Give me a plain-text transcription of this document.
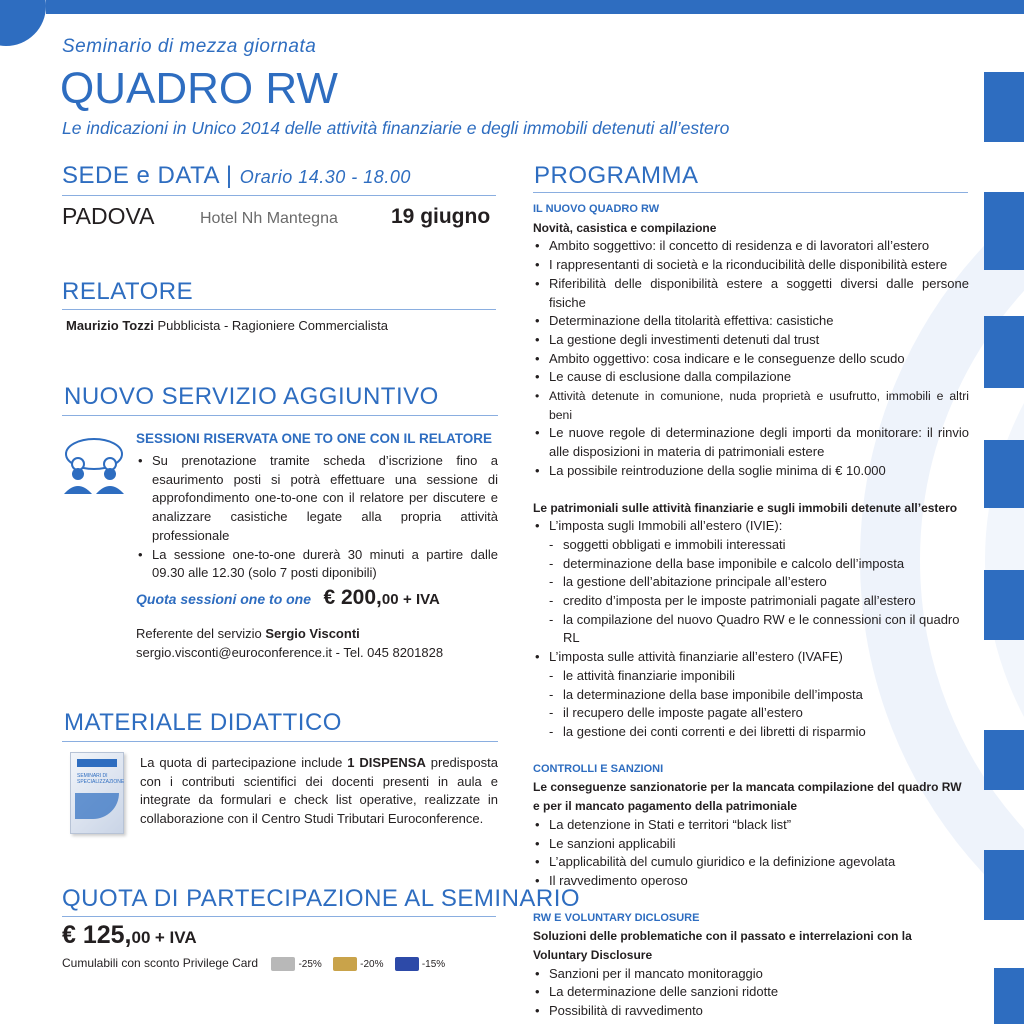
Seminario di mezza giornata
QUADRO RW
Le indicazioni in Unico 2014 delle attività finanziarie e degli immobili detenuti all’estero
SEDE e DATA | Orario 14.30 - 18.00
PADOVA	Hotel Nh Mantegna	19 giugno
RELATORE
Maurizio Tozzi Pubblicista - Ragioniere Commercialista
NUOVO SERVIZIO AGGIUNTIVO
SESSIONI RISERVATA ONE TO ONE CON IL RELATORE
• Su prenotazione tramite scheda d’iscrizione fino a esaurimento posti si potrà effettuare una sessione di approfondimento one-to-one con il relatore per discutere e analizzare casistiche legate alla propria attività professionale
• La sessione one-to-one durerà 30 minuti a partire dalle 09.30 alle 12.30 (solo 7 posti diponibili)
Quota sessioni one to one € 200,00 + IVA
Referente del servizio Sergio Visconti
sergio.visconti@euroconference.it - Tel. 045 8201828
MATERIALE DIDATTICO
SEMINARI DI SPECIALIZZAZIONE
La quota di partecipazione include 1 DISPENSA predisposta con i contributi scientifici dei docenti presenti in aula e integrate da formulari e check list operative, realizzate in collaborazione con il Centro Studi Tributari Euroconference.
QUOTA DI PARTECIPAZIONE AL SEMINARIO
€ 125,00 + IVA
Cumulabili con sconto Privilege Card	-25%	-20%	-15%
PROGRAMMA
IL NUOVO QUADRO RW
Novità, casistica e compilazione
• Ambito soggettivo: il concetto di residenza e di lavoratori all’estero
• I rappresentanti di società e la riconducibilità delle disponibilità estere
• Riferibilità delle disponibilità estere a soggetti diversi dalle persone fisiche
• Determinazione della titolarità effettiva: casistiche
• La gestione degli investimenti detenuti dal trust
• Ambito oggettivo: cosa indicare e le conseguenze dello scudo
• Le cause di esclusione dalla compilazione
• Attività detenute in comunione, nuda proprietà e usufrutto, immobili e altri beni
• Le nuove regole di determinazione degli importi da monitorare: il rinvio alle disposizioni in materia di patrimoniali estere
• La possibile reintroduzione della soglie minima di € 10.000
Le patrimoniali sulle attività finanziarie e sugli immobili detenute all’estero
• L’imposta sugli Immobili all’estero (IVIE):
- soggetti obbligati e immobili interessati
- determinazione della base imponibile e calcolo dell’imposta
- la gestione dell’abitazione principale all’estero
- credito d’imposta per le imposte patrimoniali pagate all’estero
- la compilazione del nuovo Quadro RW e le connessioni con il quadro RL
• L’imposta sulle attività finanziarie all’estero (IVAFE)
- le attività finanziarie imponibili
- la determinazione della base imponibile dell’imposta
- il recupero delle imposte pagate all’estero
- la gestione dei conti correnti e dei libretti di risparmio
CONTROLLI E SANZIONI
Le conseguenze sanzionatorie per la mancata compilazione del quadro RW e per il mancato pagamento della patrimoniale
• La detenzione in Stati e territori “black list”
• Le sanzioni applicabili
• L’applicabilità del cumulo giuridico e la definizione agevolata
• Il ravvedimento operoso
RW E VOLUNTARY DICLOSURE
Soluzioni delle problematiche con il passato e interrelazioni con la Voluntary Disclosure
• Sanzioni per il mancato monitoraggio
• La determinazione delle sanzioni ridotte
• Possibilità di ravvedimento
